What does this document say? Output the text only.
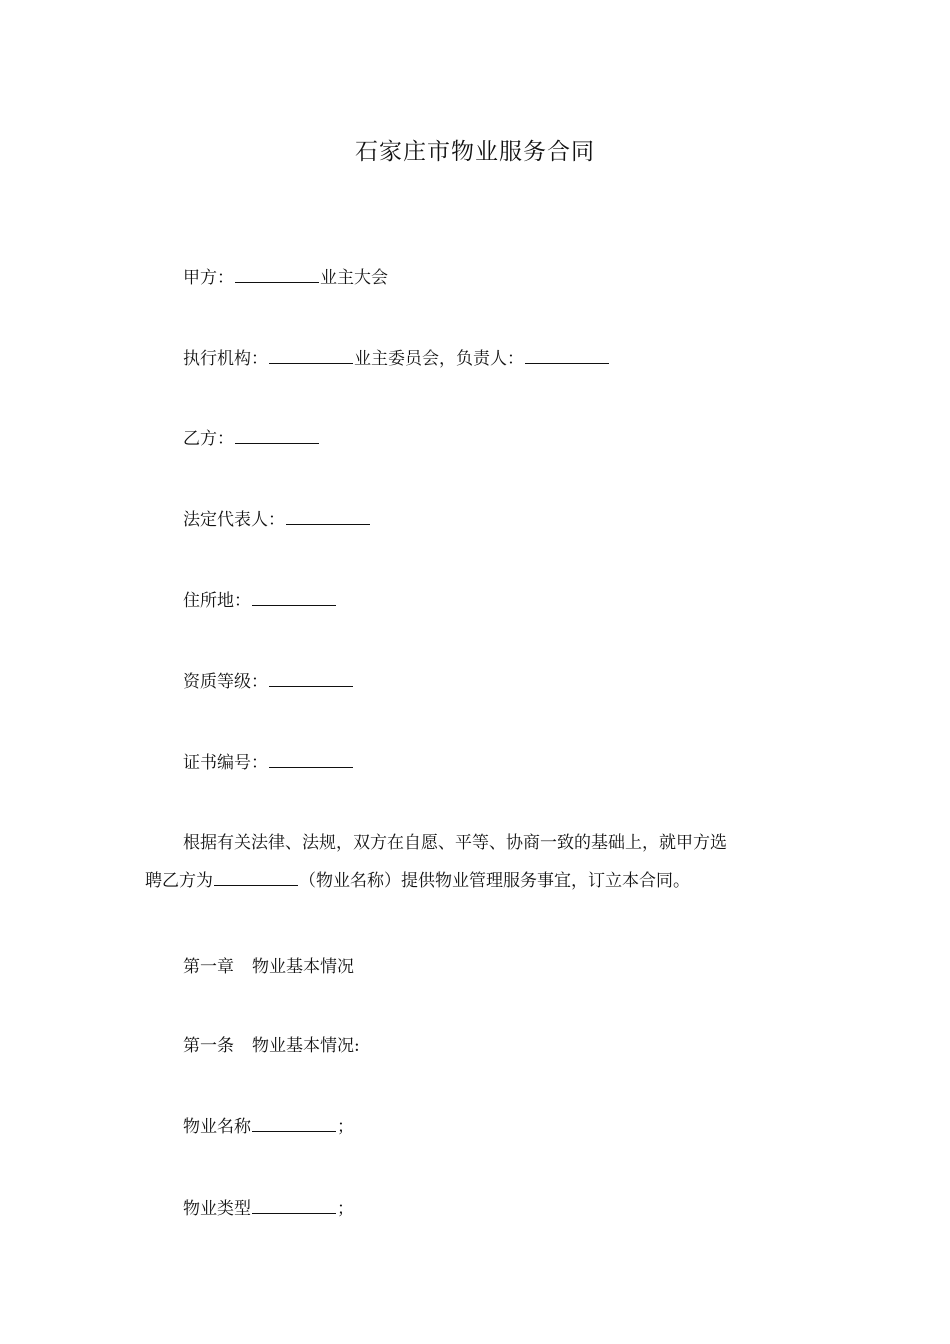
石家庄市物业服务合同
甲方：	业主大会
执行机构：	业主委员会，负责人：
乙方：
法定代表人：
住所地：
资质等级：
证书编号：
根据有关法律、法规，双方在自愿、平等、协商一致的基础上，就甲方选
聘乙方为	（物业名称）提供物业管理服务事宜，订立本合同。
第一章 物业基本情况
第一条 物业基本情况:
物业名称	；
物业类型	；
